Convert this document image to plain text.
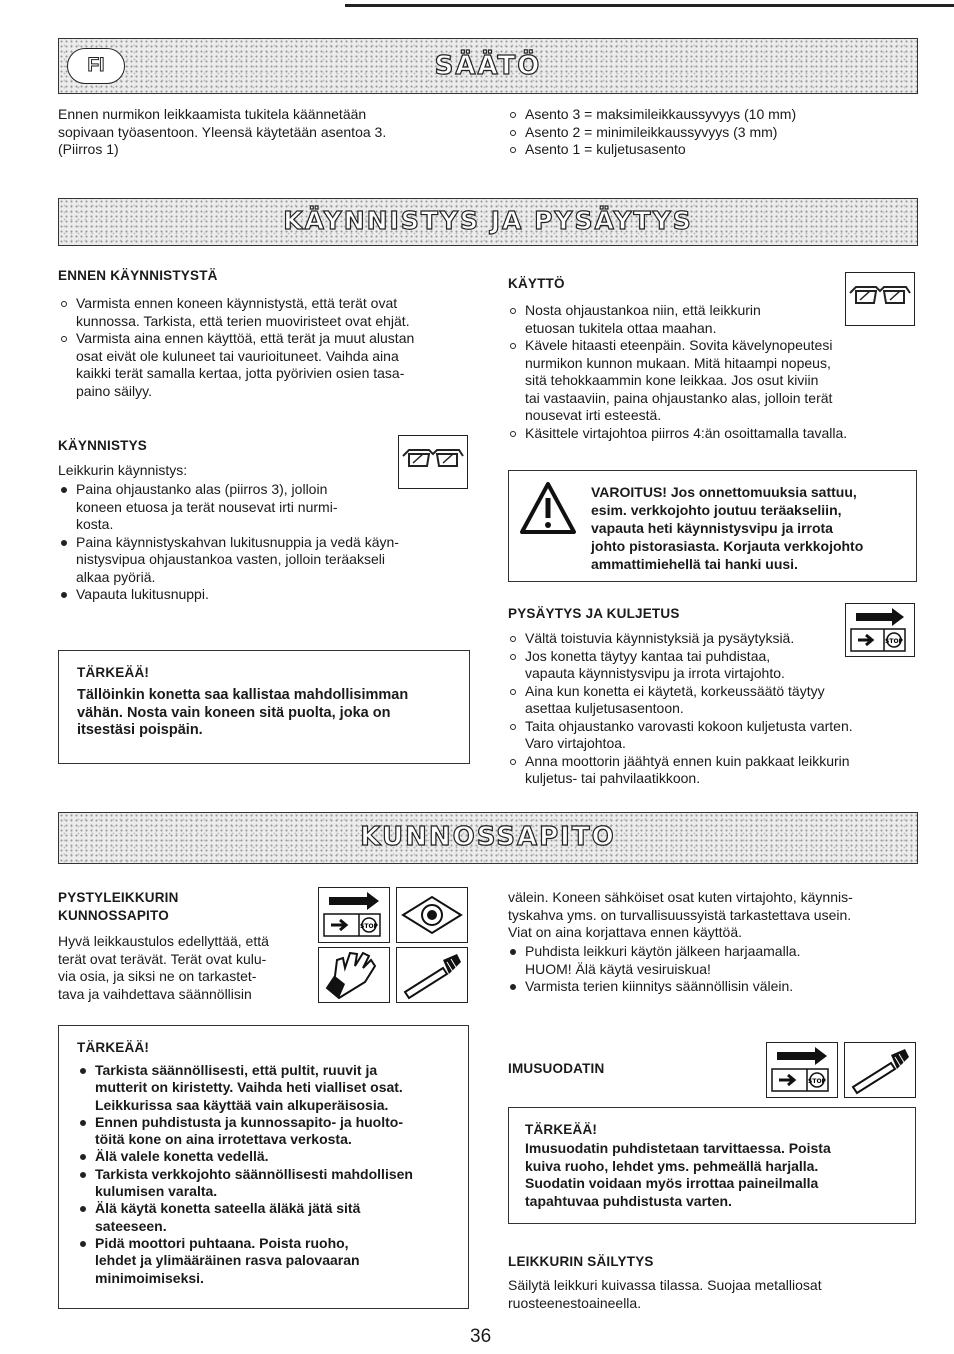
FI	SÄÄTÖ
Ennen nurmikon leikkaamista tukitela käännetään
sopivaan työasentoon. Yleensä käytetään asentoa 3.
(Piirros 1)
Asento 3 = maksimileikkaussyvyys (10 mm)
Asento 2 = minimileikkaussyvyys (3 mm)
Asento 1 = kuljetusasento
KÄYNNISTYS JA PYSÄYTYS
ENNEN KÄYNNISTYSTÄ
Varmista ennen koneen käynnistystä, että terät ovat
kunnossa. Tarkista, että terien muoviristeet ovat ehjät.
Varmista aina ennen käyttöä, että terät ja muut alustan
osat eivät ole kuluneet tai vaurioituneet. Vaihda aina
kaikki terät samalla kertaa, jotta pyörivien osien tasa-
paino säilyy.
KÄYNNISTYS
Leikkurin käynnistys:
Paina ohjaustanko alas (piirros 3), jolloin
koneen etuosa ja terät nousevat irti nurmi-
kosta.
Paina käynnistyskahvan lukitusnuppia ja vedä käyn-
nistysvipua ohjaustankoa vasten, jolloin teräakseli
alkaa pyöriä.
Vapauta lukitusnuppi.
TÄRKEÄÄ!
Tällöinkin konetta saa kallistaa mahdollisimman
vähän. Nosta vain koneen sitä puolta, joka on
itsestäsi poispäin.
KÄYTTÖ
Nosta ohjaustankoa niin, että leikkurin
etuosan tukitela ottaa maahan.
Kävele hitaasti eteenpäin. Sovita kävelynopeutesi
nurmikon kunnon mukaan. Mitä hitaampi nopeus,
sitä tehokkaammin kone leikkaa. Jos osut kiviin
tai vastaaviin, paina ohjaustanko alas, jolloin terät
nousevat irti esteestä.
Käsittele virtajohtoa piirros 4:än osoittamalla tavalla.
VAROITUS! Jos onnettomuuksia sattuu,
esim. verkkojohto joutuu teräakseliin,
vapauta heti käynnistysvipu ja irrota
johto pistorasiasta. Korjauta verkkojohto
ammattimiehellä tai hanki uusi.
PYSÄYTYS JA KULJETUS
STOP
Vältä toistuvia käynnistyksiä ja pysäytyksiä.
Jos konetta täytyy kantaa tai puhdistaa,
vapauta käynnistysvipu ja irrota virtajohto.
Aina kun konetta ei käytetä, korkeussäätö täytyy
asettaa kuljetusasentoon.
Taita ohjaustanko varovasti kokoon kuljetusta varten.
Varo virtajohtoa.
Anna moottorin jäähtyä ennen kuin pakkaat leikkurin
kuljetus- tai pahvilaatikkoon.
KUNNOSSAPITO
PYSTYLEIKKURIN
KUNNOSSAPITO
Hyvä leikkaustulos edellyttää, että
terät ovat terävät. Terät ovat kulu-
via osia, ja siksi ne on tarkastet-
tava ja vaihdettava säännöllisin
STOP
välein. Koneen sähköiset osat kuten virtajohto, käynnis-
tyskahva yms. on turvallisuussyistä tarkastettava usein.
Viat on aina korjattava ennen käyttöä.
Puhdista leikkuri käytön jälkeen harjaamalla.
HUOM! Älä käytä vesiruiskua!
Varmista terien kiinnitys säännöllisin välein.
TÄRKEÄÄ!
Tarkista säännöllisesti, että pultit, ruuvit ja
mutterit on kiristetty. Vaihda heti vialliset osat.
Leikkurissa saa käyttää vain alkuperäisosia.
Ennen puhdistusta ja kunnossapito- ja huolto-
töitä kone on aina irrotettava verkosta.
Älä valele konetta vedellä.
Tarkista verkkojohto säännöllisesti mahdollisen
kulumisen varalta.
Älä käytä konetta sateella äläkä jätä sitä
sateeseen.
Pidä moottori puhtaana. Poista ruoho,
lehdet ja ylimääräinen rasva palovaaran
minimoimiseksi.
IMUSUODATIN
STOP
TÄRKEÄÄ!
Imusuodatin puhdistetaan tarvittaessa. Poista
kuiva ruoho, lehdet yms. pehmeällä harjalla.
Suodatin voidaan myös irrottaa paineilmalla
tapahtuvaa puhdistusta varten.
LEIKKURIN SÄILYTYS
Säilytä leikkuri kuivassa tilassa. Suojaa metalliosat
ruosteenestoaineella.
36
